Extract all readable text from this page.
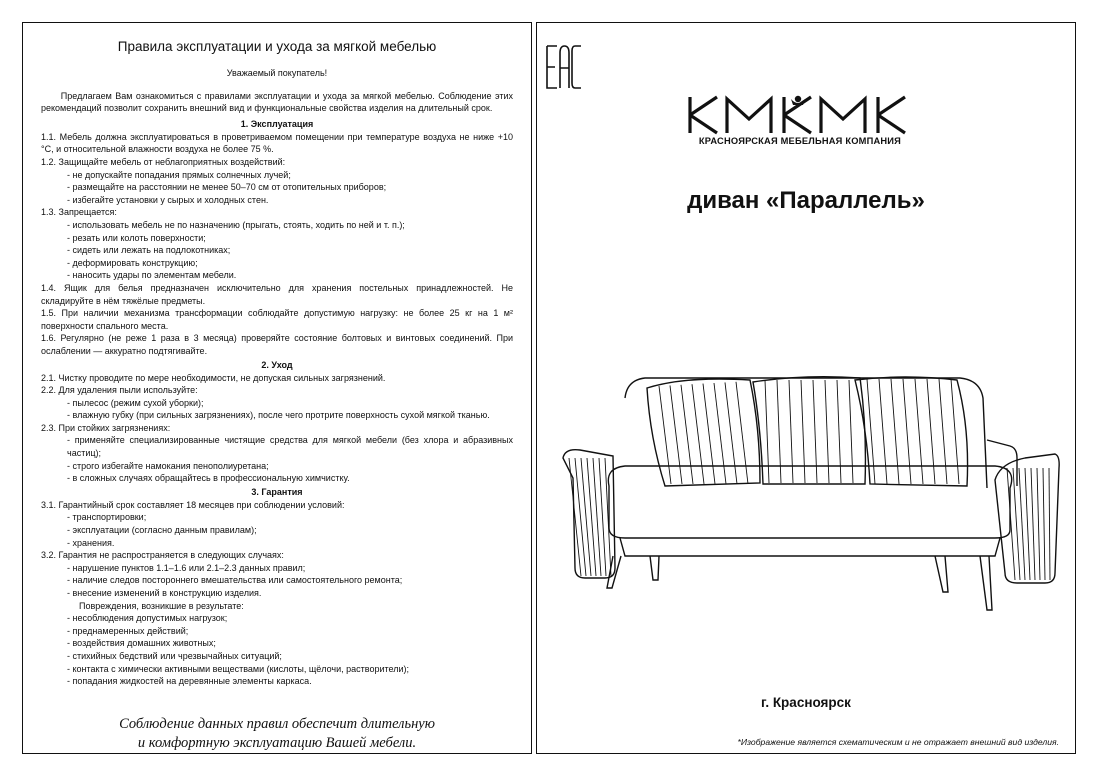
Правила эксплуатации и ухода за мягкой мебелью
Уважаемый покупатель!
Предлагаем Вам ознакомиться с правилами эксплуатации и ухода за мягкой мебелью. Соблюдение этих рекомендаций позволит сохранить внешний вид и функциональные свойства изделия на длительный срок.
1. Эксплуатация

1.1. Мебель должна эксплуатироваться в проветриваемом помещении при температуре воздуха не ниже +10 °C, и относительной влажности воздуха не более 75 %.

1.2. Защищайте мебель от неблагоприятных воздействий:

- не допускайте попадания прямых солнечных лучей;

- размещайте на расстоянии не менее 50–70 см от отопительных приборов;

- избегайте установки у сырых и холодных стен.

1.3. Запрещается:

- использовать мебель не по назначению (прыгать, стоять, ходить по ней и т. п.);

- резать или колоть поверхности;

- сидеть или лежать на подлокотниках;

- деформировать конструкцию;

- наносить удары по элементам мебели.

1.4. Ящик для белья предназначен исключительно для хранения постельных принадлежностей. Не складируйте в нём тяжёлые предметы.

1.5. При наличии механизма трансформации соблюдайте допустимую нагрузку: не более 25 кг на 1 м² поверхности спального места.

1.6. Регулярно (не реже 1 раза в 3 месяца) проверяйте состояние болтовых и винтовых соединений. При ослаблении — аккуратно подтягивайте.

2. Уход

2.1. Чистку проводите по мере необходимости, не допуская сильных загрязнений.

2.2. Для удаления пыли используйте:

- пылесос (режим сухой уборки);

- влажную губку (при сильных загрязнениях), после чего протрите поверхность сухой мягкой тканью.

2.3. При стойких загрязнениях:

- применяйте специализированные чистящие средства для мягкой мебели (без хлора и абразивных частиц);

- строго избегайте намокания пенополиуретана;

- в сложных случаях обращайтесь в профессиональную химчистку.

3. Гарантия

3.1. Гарантийный срок составляет 18 месяцев при соблюдении условий:

- транспортировки;

- эксплуатации (согласно данным правилам);

- хранения.

3.2. Гарантия не распространяется в следующих случаях:

- нарушение пунктов 1.1–1.6 или 2.1–2.3 данных правил;

- наличие следов постороннего вмешательства или самостоятельного ремонта;

- внесение изменений в конструкцию изделия.

Повреждения, возникшие в результате:

- несоблюдения допустимых нагрузок;

- преднамеренных действий;

- воздействия домашних животных;

- стихийных бедствий или чрезвычайных ситуаций;

- контакта с химически активными веществами (кислоты, щёлочи, растворители);

- попадания жидкостей на деревянные элементы каркаса.

Соблюдение данных правил обеспечит длительную
и комфортную эксплуатацию Вашей мебели.
КРАСНОЯРСКАЯ МЕБЕЛЬНАЯ КОМПАНИЯ
диван «Параллель»
г. Красноярск
*Изображение является схематическим и не отражает внешний вид изделия.
